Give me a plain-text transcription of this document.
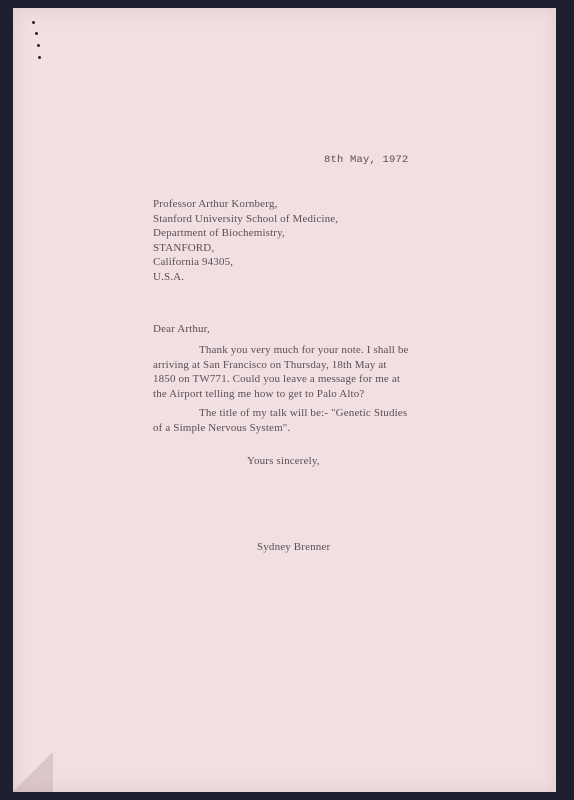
8th May, 1972
Professor Arthur Kornberg,
Stanford University School of Medicine,
Department of Biochemistry,
STANFORD,
California 94305,
U.S.A.
Dear Arthur,
Thank you very much for your note. I shall be
arriving at San Francisco on Thursday, 18th May at
1850 on TW771. Could you leave a message for me at
the Airport telling me how to get to Palo Alto?
The title of my talk will be:- "Genetic Studies
of a Simple Nervous System".
Yours sincerely,
Sydney Brenner
